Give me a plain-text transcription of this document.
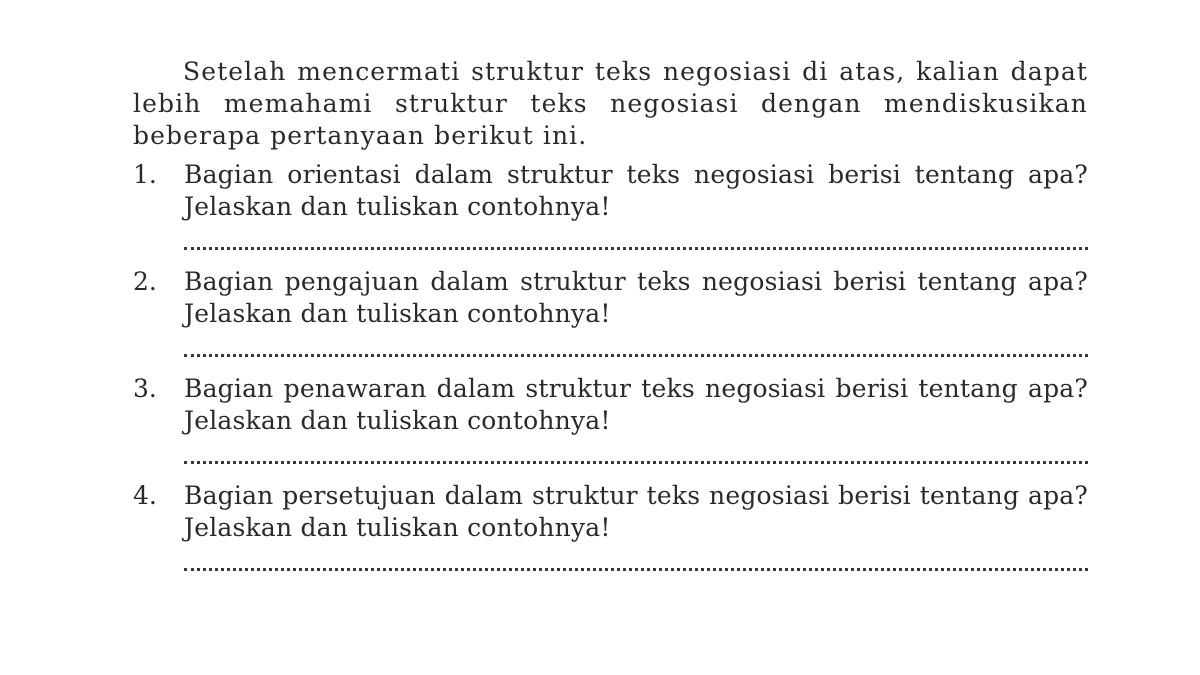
Setelah mencermati struktur teks negosiasi di atas, kalian dapat lebih memahami struktur teks negosiasi dengan mendiskusikan beberapa pertanyaan berikut ini.

1. Bagian orientasi dalam struktur teks negosiasi berisi tentang apa? Jelaskan dan tuliskan contohnya!

2. Bagian pengajuan dalam struktur teks negosiasi berisi tentang apa? Jelaskan dan tuliskan contohnya!

3. Bagian penawaran dalam struktur teks negosiasi berisi tentang apa? Jelaskan dan tuliskan contohnya!

4. Bagian persetujuan dalam struktur teks negosiasi berisi tentang apa? Jelaskan dan tuliskan contohnya!
